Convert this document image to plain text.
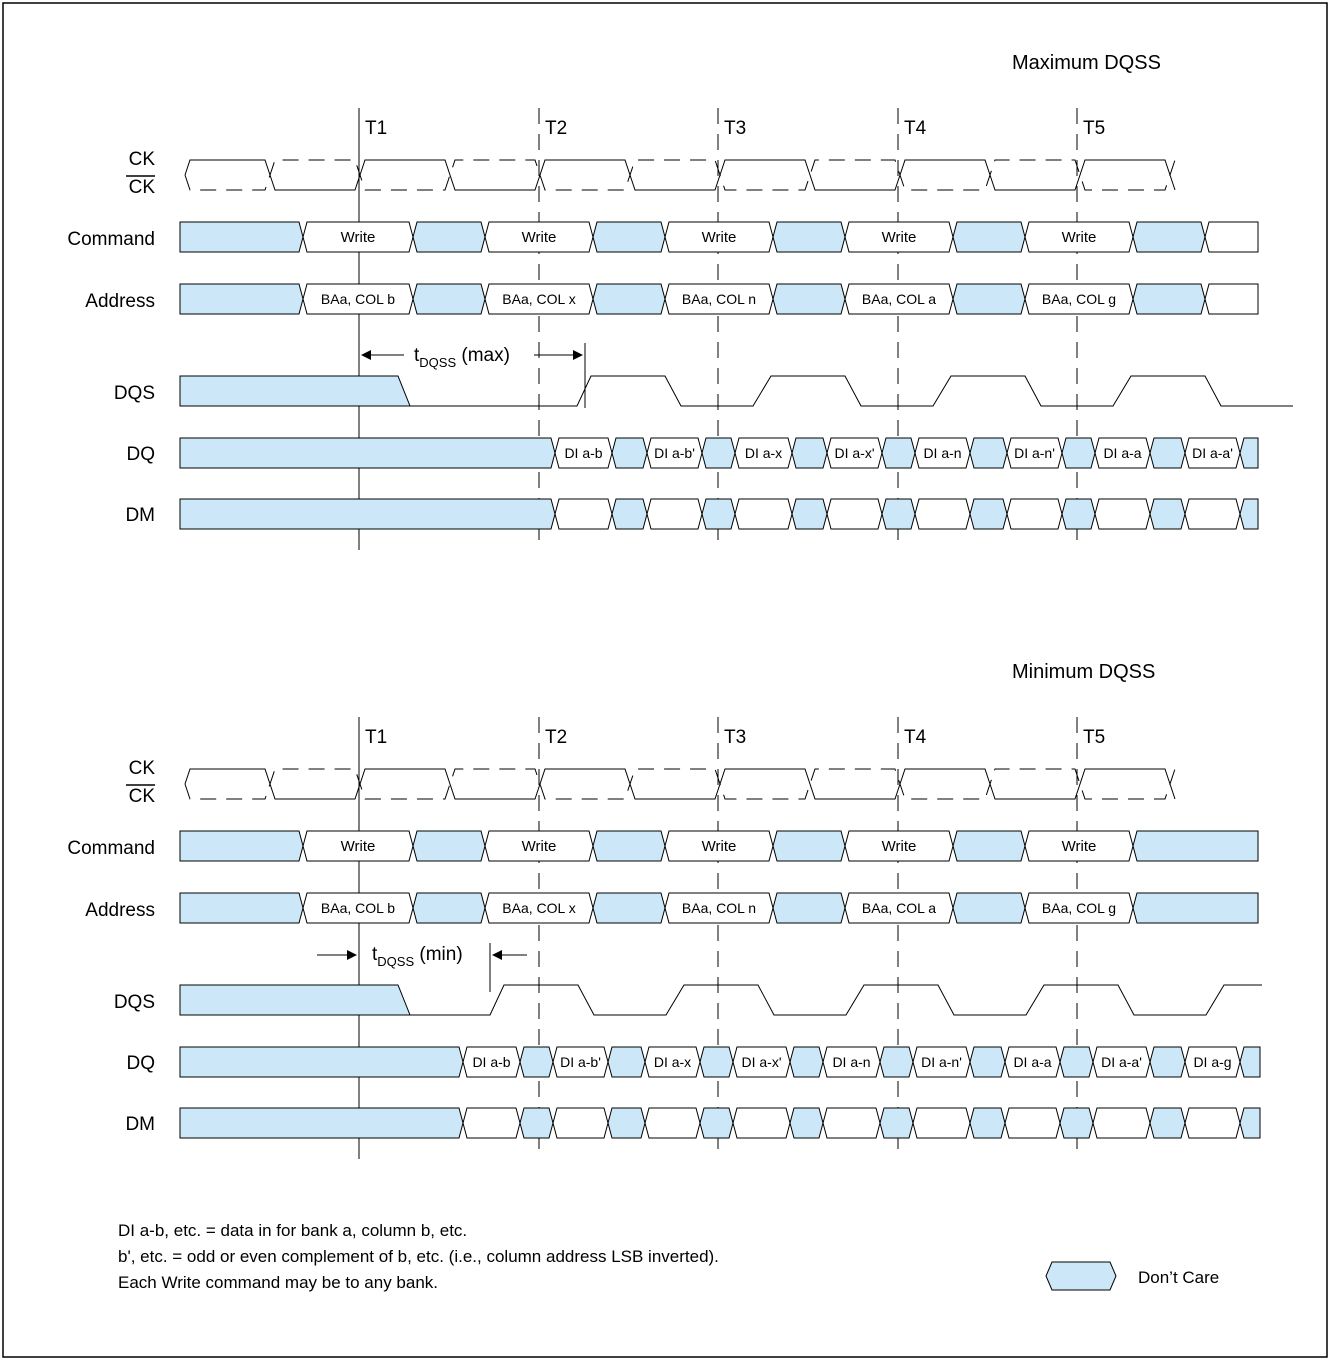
Maximum DQSS
CK
CK
Command
Address
DQS
DQ
DM
$t_{DQSS}$ (max)
T1	T2	T3	T4	T5
Write	Write	Write	Write	Write
BAa, COL b	BAa, COL x	BAa, COL n	BAa, COL a	BAa, COL g
DI a-b	DI a-b'	DI a-x	DI a-x'	DI a-n	DI a-n'	DI a-a	DI a-a'
Minimum DQSS
CK
CK
Command
Address
DQS
DQ
DM
$t_{DQSS}$ (min)
T1	T2	T3	T4	T5
Write	Write	Write	Write	Write
BAa, COL b	BAa, COL x	BAa, COL n	BAa, COL a	BAa, COL g
DI a-b	DI a-b'	DI a-x	DI a-x'	DI a-n	DI a-n'	DI a-a	DI a-a'	DI a-g
DI a-b, etc. = data in for bank a, column b, etc.
b', etc. = odd or even complement of b, etc. (i.e., column address LSB inverted).
Each Write command may be to any bank.	Don’t Care
